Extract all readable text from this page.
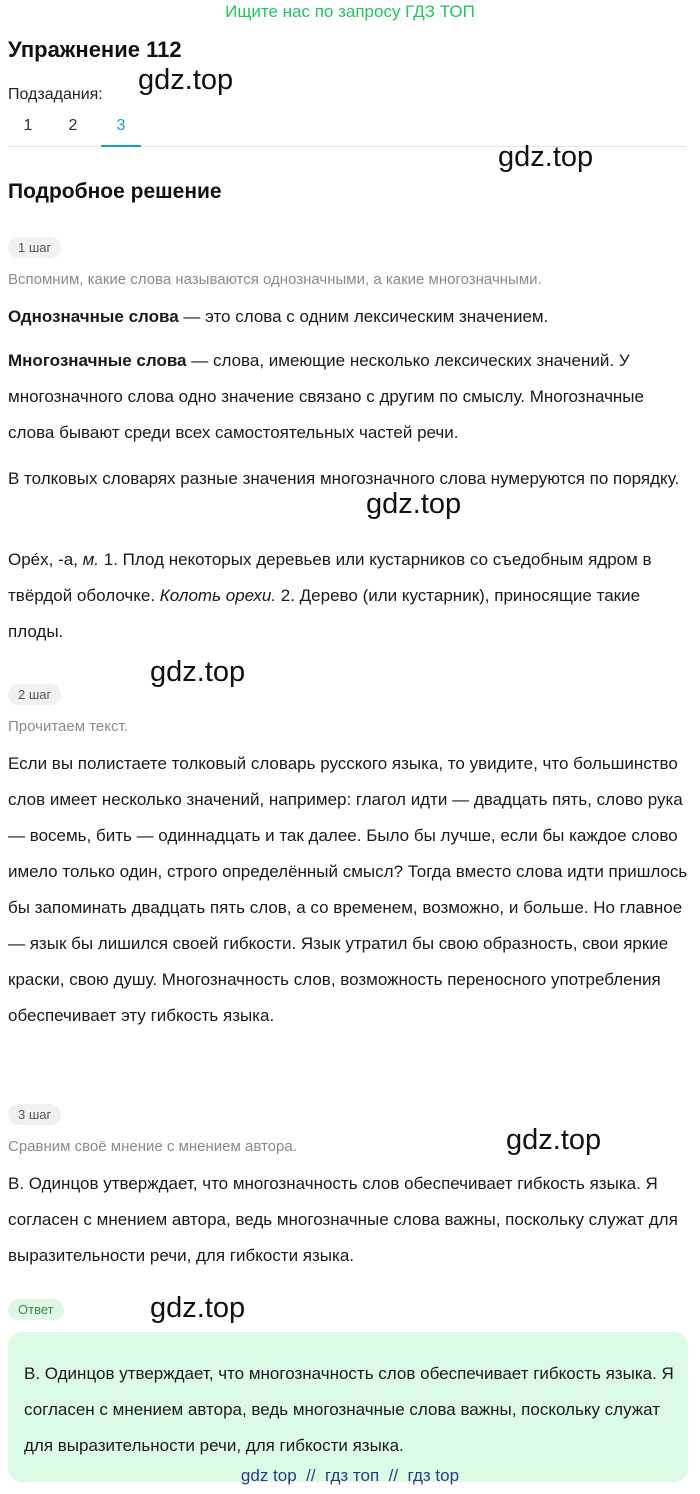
Ищите нас по запросу ГДЗ ТОП
Упражнение 112
Подзадания:
1	2	3
Подробное решение
1 шаг
Вспомним, какие слова называются однозначными, а какие многозначными.
Однозначные слова — это слова с одним лексическим значением.
Многозначные слова — слова, имеющие несколько лексических значений. У многозначного слова одно значение связано с другим по смыслу. Многозначные слова бывают среди всех самостоятельных частей речи.
В толковых словарях разные значения многозначного слова нумеруются по порядку.
Орéх, -а, м. 1. Плод некоторых деревьев или кустарников со съедобным ядром в твёрдой оболочке. Колоть орехи. 2. Дерево (или кустарник), приносящие такие плоды.
2 шаг
Прочитаем текст.
Если вы полистаете толковый словарь русского языка, то увидите, что большинство слов имеет несколько значений, например: глагол идти — двадцать пять, слово рука — восемь, бить — одиннадцать и так далее. Было бы лучше, если бы каждое слово имело только один, строго определённый смысл? Тогда вместо слова идти пришлось бы запоминать двадцать пять слов, а со временем, возможно, и больше. Но главное — язык бы лишился своей гибкости. Язык утратил бы свою образность, свои яркие краски, свою душу. Многозначность слов, возможность переносного употребления обеспечивает эту гибкость языка.
3 шаг
Сравним своё мнение с мнением автора.
В. Одинцов утверждает, что многозначность слов обеспечивает гибкость языка. Я согласен с мнением автора, ведь многозначные слова важны, поскольку служат для выразительности речи, для гибкости языка.
Ответ
В. Одинцов утверждает, что многозначность слов обеспечивает гибкость языка. Я согласен с мнением автора, ведь многозначные слова важны, поскольку служат для выразительности речи, для гибкости языка.
gdz.top
gdz.top
gdz.top
gdz.top
gdz.top
gdz.top
gdz top // гдз топ // гдз top
